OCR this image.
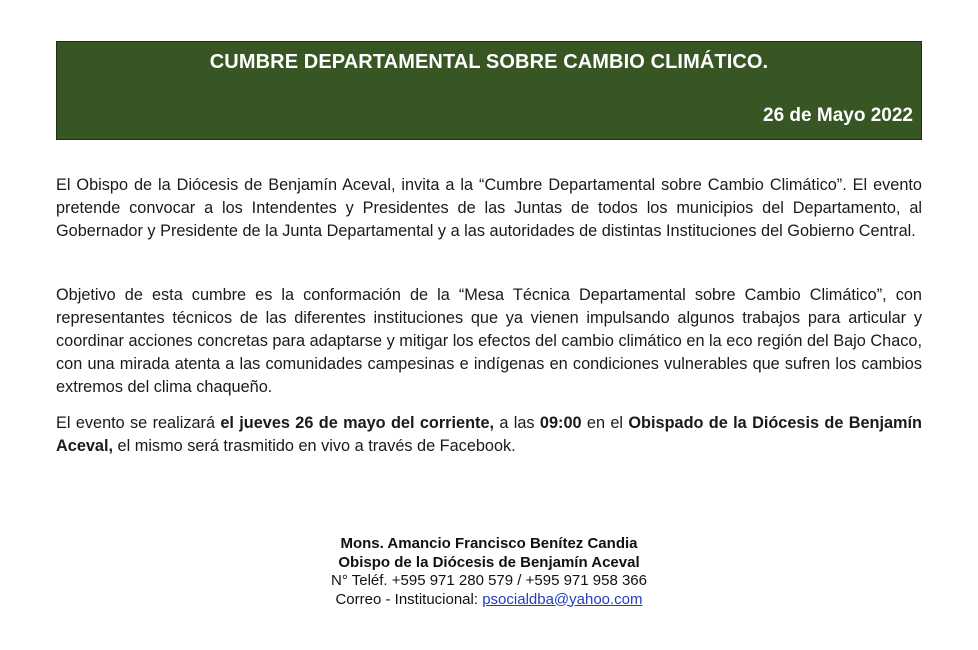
CUMBRE DEPARTAMENTAL SOBRE CAMBIO CLIMÁTICO.
26 de Mayo 2022

El Obispo de la Diócesis de Benjamín Aceval, invita a la “Cumbre Departamental sobre Cambio Climático”. El evento pretende convocar a los Intendentes y Presidentes de las Juntas de todos los municipios del Departamento, al Gobernador y Presidente de la Junta Departamental y a las autoridades de distintas Instituciones del Gobierno Central.

Objetivo de esta cumbre es la conformación de la “Mesa Técnica Departamental sobre Cambio Climático”, con representantes técnicos de las diferentes instituciones que ya vienen impulsando algunos trabajos para articular y coordinar acciones concretas para adaptarse y mitigar los efectos del cambio climático en la eco región del Bajo Chaco, con una mirada atenta a las comunidades campesinas e indígenas en condiciones vulnerables que sufren los cambios extremos del clima chaqueño.

El evento se realizará el jueves 26 de mayo del corriente, a las 09:00 en el Obispado de la Diócesis de Benjamín Aceval, el mismo será trasmitido en vivo a través de Facebook.

Mons. Amancio Francisco Benítez Candia
Obispo de la Diócesis de Benjamín Aceval
N° Teléf. +595 971 280 579 / +595 971 958 366
Correo - Institucional: psocialdba@yahoo.com
